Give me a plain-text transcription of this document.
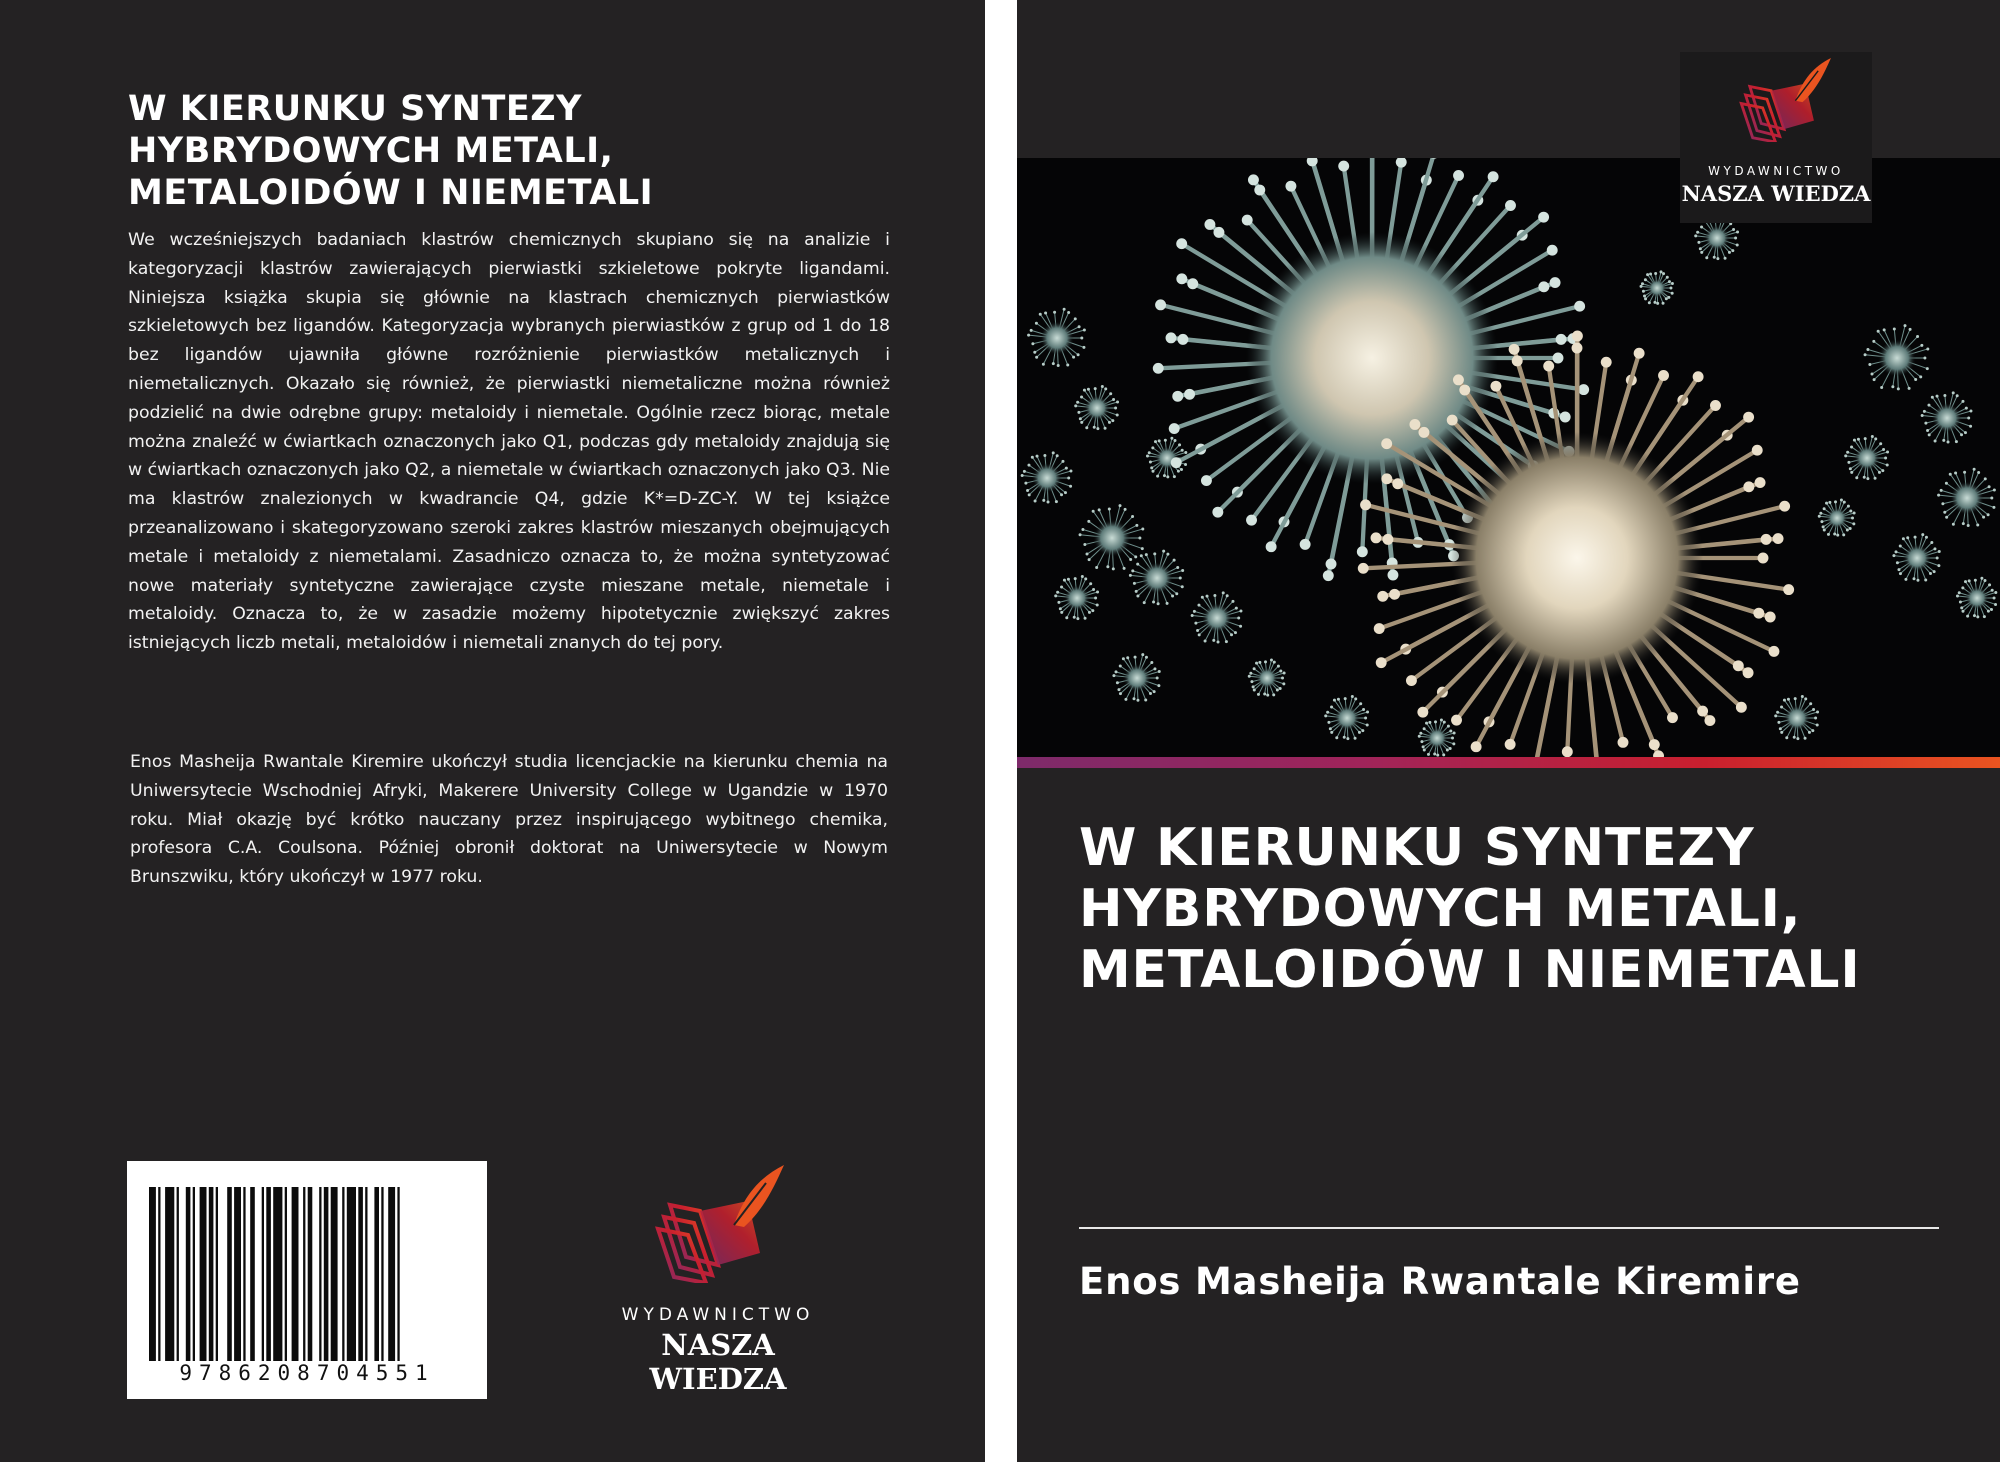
W KIERUNKU SYNTEZY
HYBRYDOWYCH METALI,
METALOIDÓW I NIEMETALI

We wcześniejszych badaniach klastrów chemicznych skupiano się na analizie i kategoryzacji klastrów zawierających pierwiastki szkieletowe pokryte ligandami. Niniejsza książka skupia się głównie na klastrach chemicznych pierwiastków szkieletowych bez ligandów. Kategoryzacja wybranych pierwiastków z grup od 1 do 18 bez ligandów ujawniła główne rozróżnienie pierwiastków metalicznych i niemetalicznych. Okazało się również, że pierwiastki niemetaliczne można również podzielić na dwie odrębne grupy: metaloidy i niemetale. Ogólnie rzecz biorąc, metale można znaleźć w ćwiartkach oznaczonych jako Q1, podczas gdy metaloidy znajdują się w ćwiartkach oznaczonych jako Q2, a niemetale w ćwiartkach oznaczonych jako Q3. Nie ma klastrów znalezionych w kwadrancie Q4, gdzie K*=D-ZC-Y. W tej książce przeanalizowano i skategoryzowano szeroki zakres klastrów mieszanych obejmujących metale i metaloidy z niemetalami. Zasadniczo oznacza to, że można syntetyzować nowe materiały syntetyczne zawierające czyste mieszane metale, niemetale i metaloidy. Oznacza to, że w zasadzie możemy hipotetycznie zwiększyć zakres istniejących liczb metali, metaloidów i niemetali znanych do tej pory.

Enos Masheija Rwantale Kiremire ukończył studia licencjackie na kierunku chemia na Uniwersytecie Wschodniej Afryki, Makerere University College w Ugandzie w 1970 roku. Miał okazję być krótko nauczany przez inspirującego wybitnego chemika, profesora C.A. Coulsona. Później obronił doktorat na Uniwersytecie w Nowym Brunszwiku, który ukończył w 1977 roku.

9786208704551
WYDAWNICTWO
NASZA WIEDZA
WYDAWNICTWO
NASZA WIEDZA
W KIERUNKU SYNTEZY
HYBRYDOWYCH METALI,
METALOIDÓW I NIEMETALI

Enos Masheija Rwantale Kiremire
